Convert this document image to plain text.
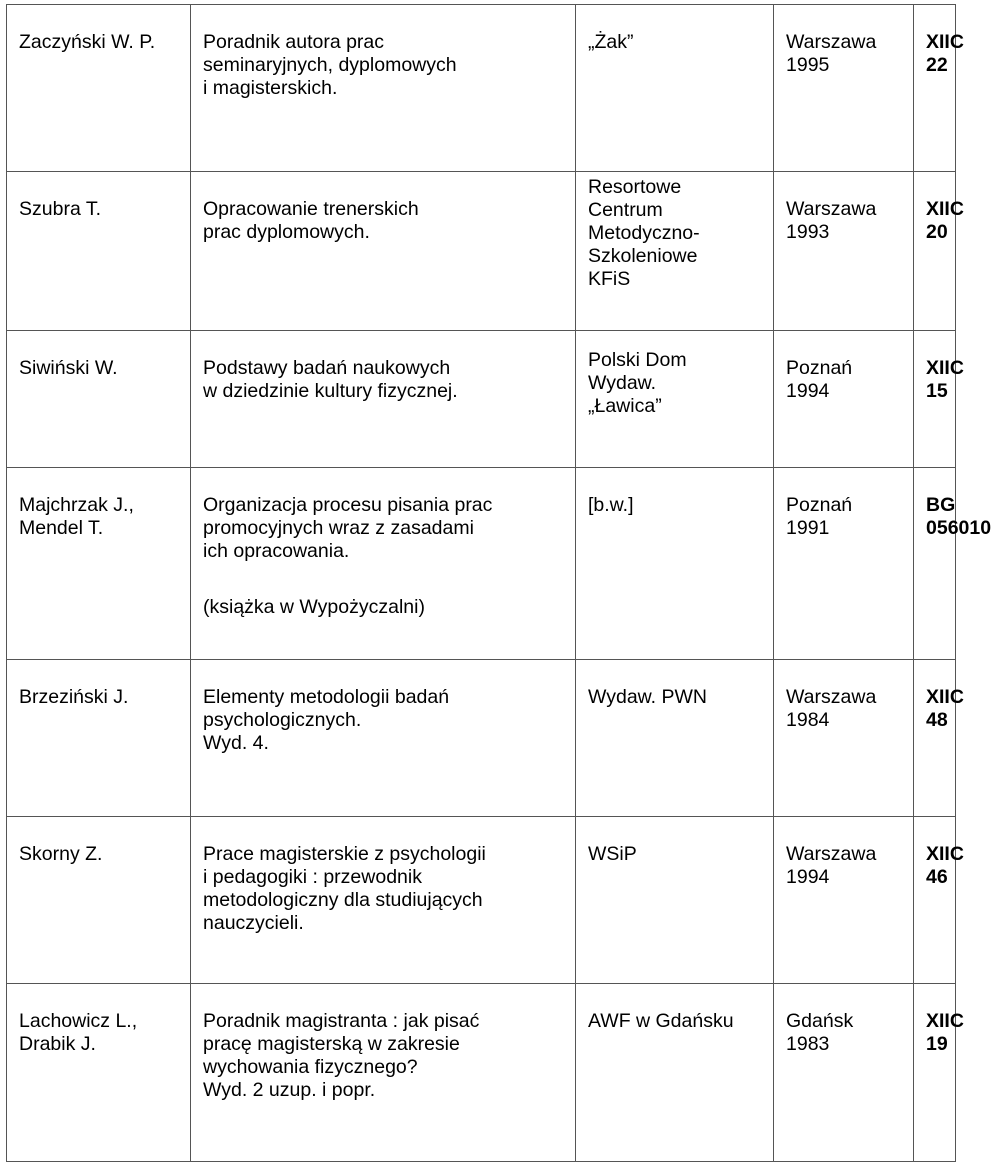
Zaczyński W. P.	Poradnik autora prac
seminaryjnych, dyplomowych
i magisterskich.	„Żak”	Warszawa
1995	XIIC 22
Szubra T.	Opracowanie trenerskich
prac dyplomowych.	Resortowe
Centrum
Metodyczno-
Szkoleniowe
KFiS	Warszawa
1993	XIIC 20
Siwiński W.	Podstawy badań naukowych
w dziedzinie kultury fizycznej.	Polski Dom
Wydaw.
„Ławica”	Poznań
1994	XIIC 15
Majchrzak J.,
Mendel T.	Organizacja procesu pisania prac
promocyjnych wraz z zasadami
ich opracowania.
(książka w Wypożyczalni)	[b.w.]	Poznań
1991	BG
056010
Brzeziński J.	Elementy metodologii badań
psychologicznych.
Wyd. 4.	Wydaw. PWN	Warszawa
1984	XIIC 48
Skorny Z.	Prace magisterskie z psychologii
i pedagogiki : przewodnik
metodologiczny dla studiujących
nauczycieli.	WSiP	Warszawa
1994	XIIC 46
Lachowicz L.,
Drabik J.	Poradnik magistranta : jak pisać
pracę magisterską w zakresie
wychowania fizycznego?
Wyd. 2 uzup. i popr.	AWF w Gdańsku	Gdańsk
1983	XIIC 19
